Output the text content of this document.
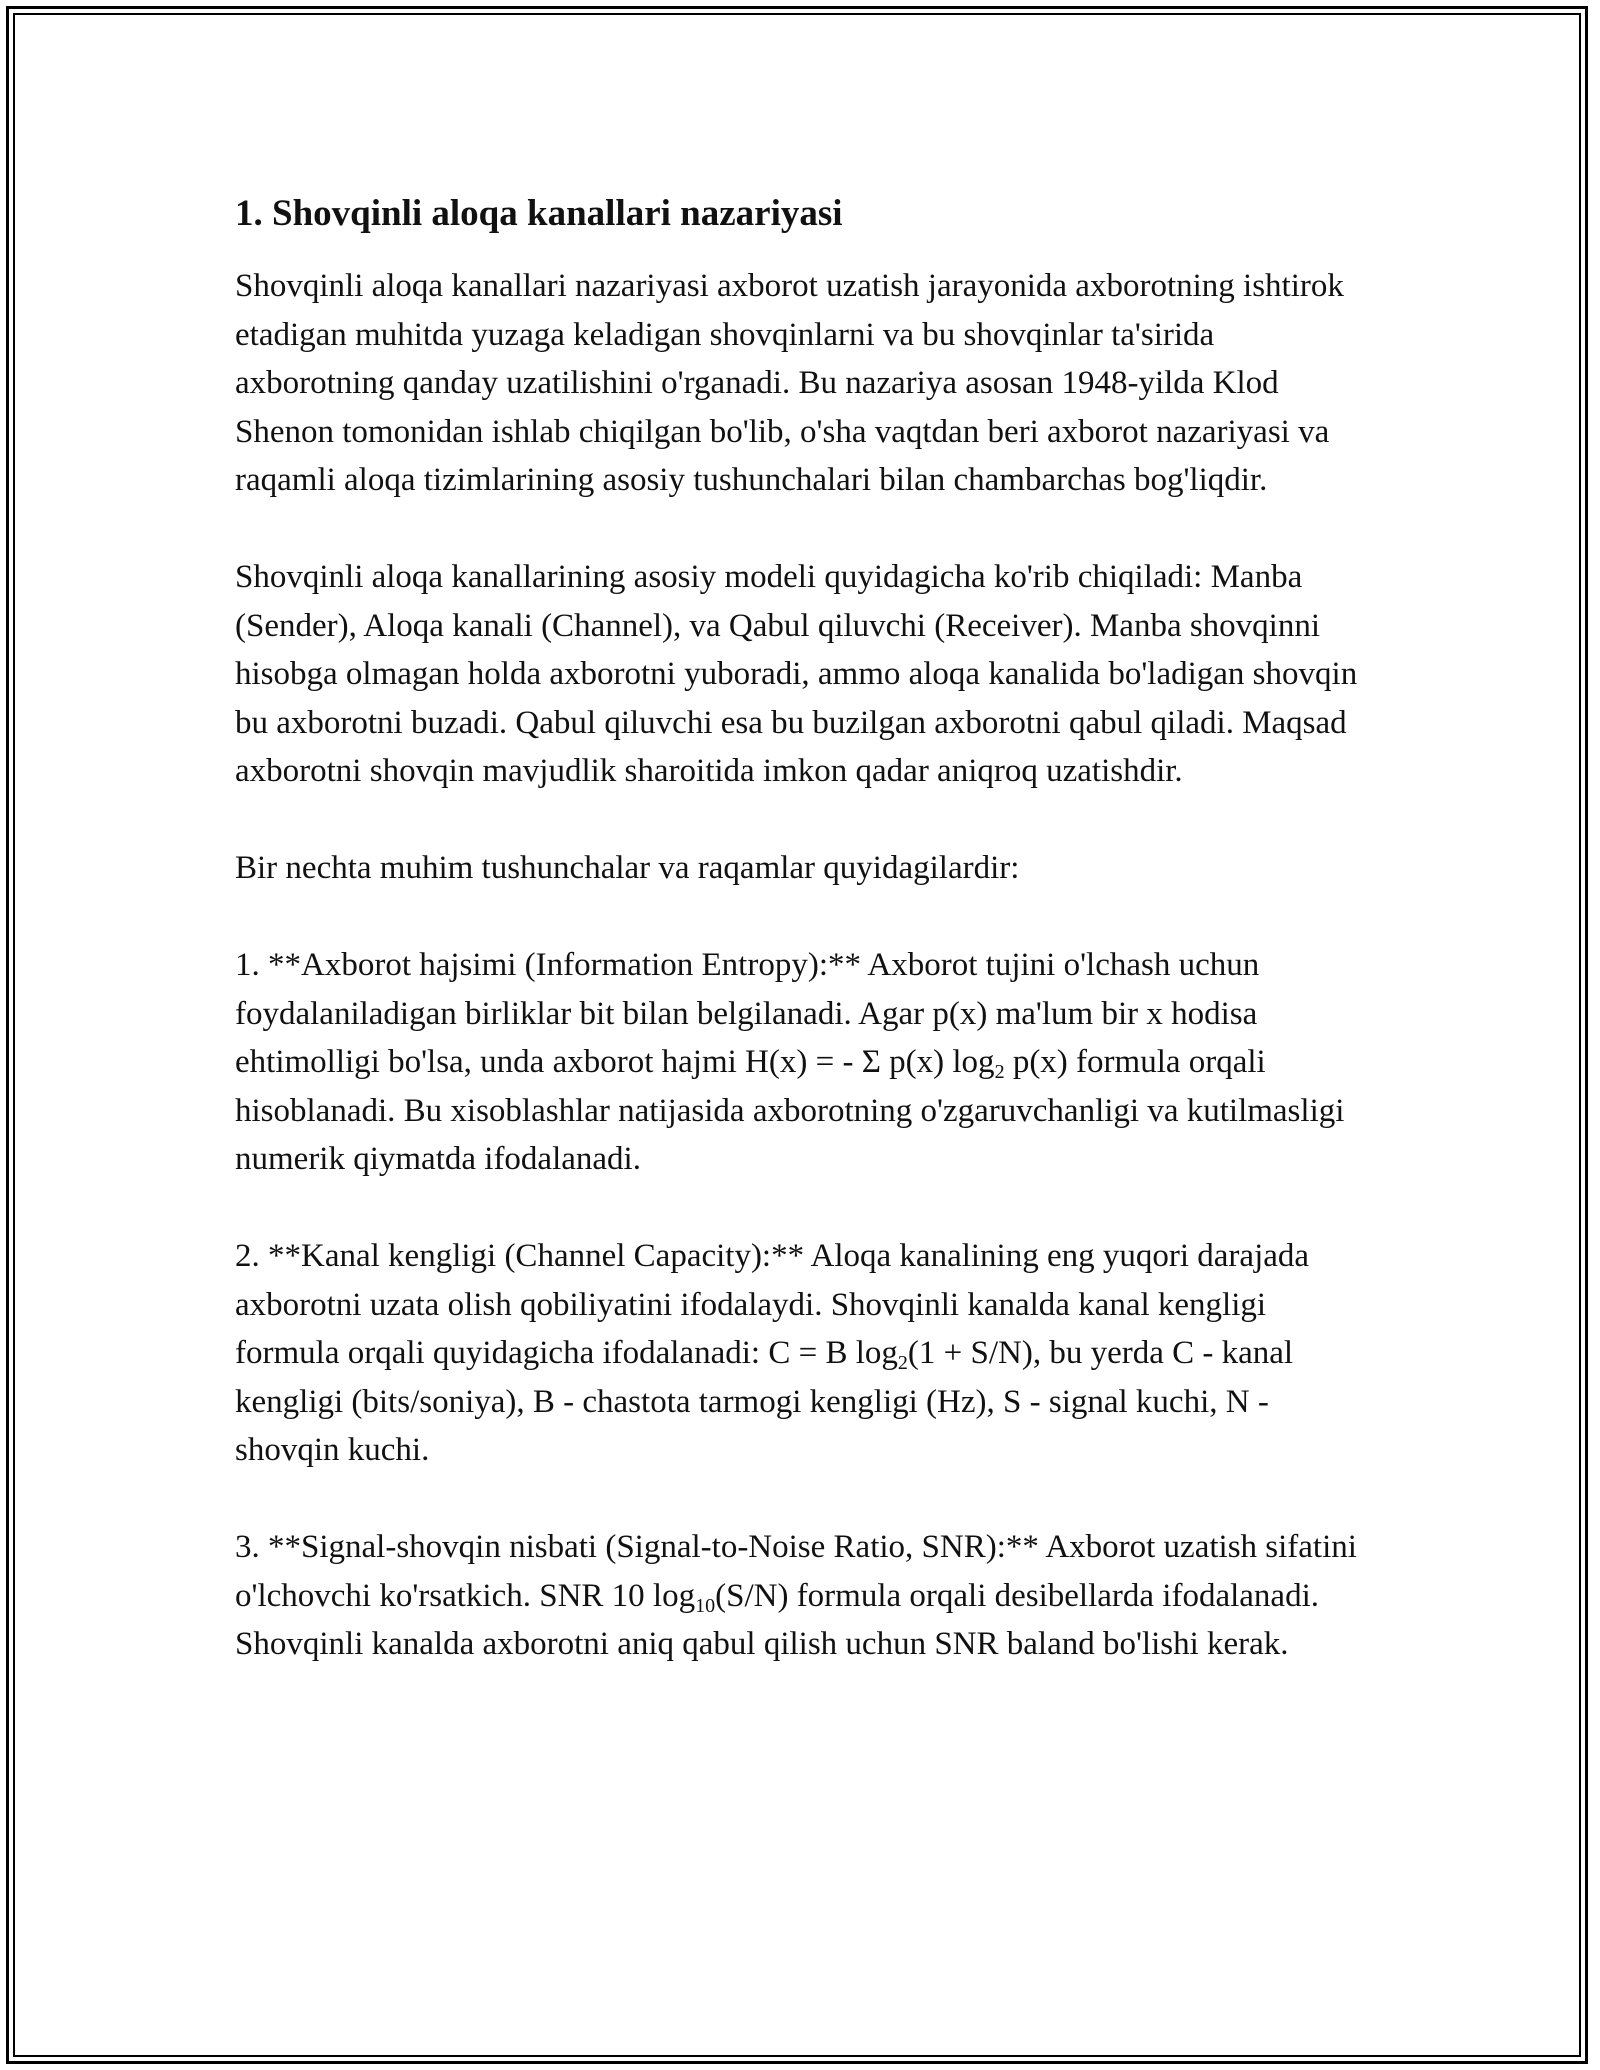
1. Shovqinli aloqa kanallari nazariyasi

Shovqinli aloqa kanallari nazariyasi axborot uzatish jarayonida axborotning ishtirok etadigan muhitda yuzaga keladigan shovqinlarni va bu shovqinlar ta'sirida axborotning qanday uzatilishini o'rganadi. Bu nazariya asosan 1948-yilda Klod Shenon tomonidan ishlab chiqilgan bo'lib, o'sha vaqtdan beri axborot nazariyasi va raqamli aloqa tizimlarining asosiy tushunchalari bilan chambarchas bog'liqdir.

Shovqinli aloqa kanallarining asosiy modeli quyidagicha ko'rib chiqiladi: Manba (Sender), Aloqa kanali (Channel), va Qabul qiluvchi (Receiver). Manba shovqinni hisobga olmagan holda axborotni yuboradi, ammo aloqa kanalida bo'ladigan shovqin bu axborotni buzadi. Qabul qiluvchi esa bu buzilgan axborotni qabul qiladi. Maqsad axborotni shovqin mavjudlik sharoitida imkon qadar aniqroq uzatishdir.

Bir nechta muhim tushunchalar va raqamlar quyidagilardir:

1. **Axborot hajsimi (Information Entropy):** Axborot tujini o'lchash uchun foydalaniladigan birliklar bit bilan belgilanadi. Agar p(x) ma'lum bir x hodisa ehtimolligi bo'lsa, unda axborot hajmi H(x) = - Σ p(x) $\log_2 p(x)$ formula orqali hisoblanadi. Bu xisoblashlar natijasida axborotning o'zgaruvchanligi va kutilmasligi numerik qiymatda ifodalanadi.

2. **Kanal kengligi (Channel Capacity):** Aloqa kanalining eng yuqori darajada axborotni uzata olish qobiliyatini ifodalaydi. Shovqinli kanalda kanal kengligi formula orqali quyidagicha ifodalanadi: C = B $\log_2(1 + S/N)$, bu yerda C - kanal kengligi (bits/soniya), B - chastota tarmogi kengligi (Hz), S - signal kuchi, N - shovqin kuchi.

3. **Signal-shovqin nisbati (Signal-to-Noise Ratio, SNR):** Axborot uzatish sifatini o'lchovchi ko'rsatkich. SNR 10 $\log_{10}(S/N)$ formula orqali desibellarda ifodalanadi. Shovqinli kanalda axborotni aniq qabul qilish uchun SNR baland bo'lishi kerak.
